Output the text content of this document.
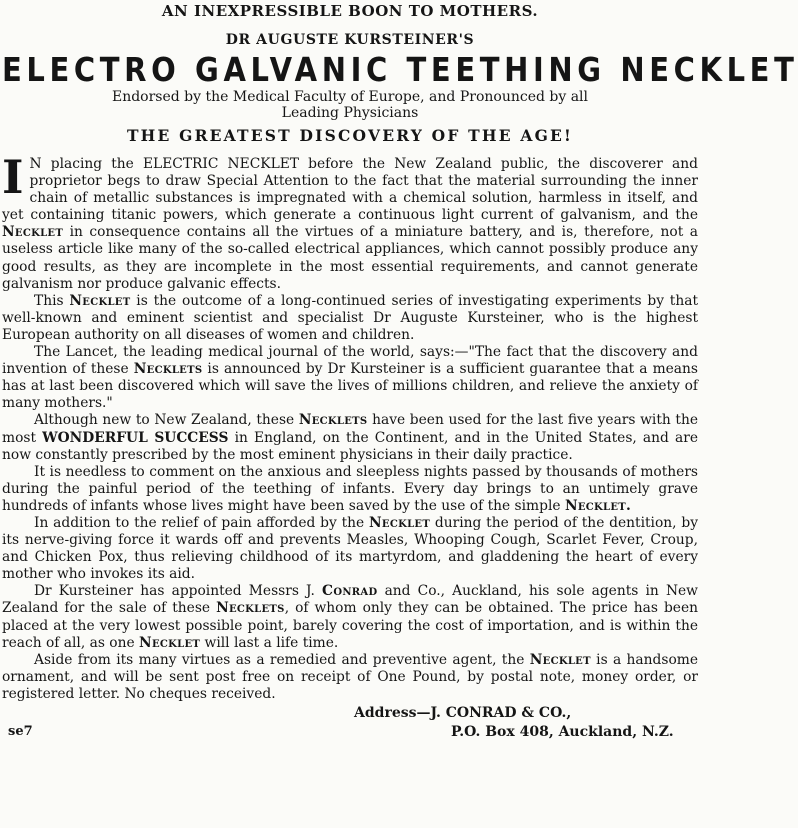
AN INEXPRESSIBLE BOON TO MOTHERS.
DR AUGUSTE KURSTEINER'S
ELECTRO GALVANIC TEETHING NECKLET
Endorsed by the Medical Faculty of Europe, and Pronounced by all
Leading Physicians
THE GREATEST DISCOVERY OF THE AGE!

I N placing the ELECTRIC NECKLET before the New Zealand public, the discoverer and proprietor begs to draw Special Attention to the fact that the material surrounding the inner chain of metallic substances is impregnated with a chemical solution, harmless in itself, and yet containing titanic powers, which generate a continuous light current of galvanism, and the Necklet in consequence contains all the virtues of a miniature battery, and is, therefore, not a useless article like many of the so-called electrical appliances, which cannot possibly produce any good results, as they are incomplete in the most essential requirements, and cannot generate galvanism nor produce galvanic effects.

This Necklet is the outcome of a long-continued series of investigating experiments by that well-known and eminent scientist and specialist Dr Auguste Kursteiner, who is the highest European authority on all diseases of women and children.

The Lancet, the leading medical journal of the world, says:—"The fact that the discovery and invention of these Necklets is announced by Dr Kursteiner is a sufficient guarantee that a means has at last been discovered which will save the lives of millions children, and relieve the anxiety of many mothers."

Although new to New Zealand, these Necklets have been used for the last five years with the most WONDERFUL SUCCESS in England, on the Continent, and in the United States, and are now constantly prescribed by the most eminent physicians in their daily practice.

It is needless to comment on the anxious and sleepless nights passed by thousands of mothers during the painful period of the teething of infants. Every day brings to an untimely grave hundreds of infants whose lives might have been saved by the use of the simple Necklet.

In addition to the relief of pain afforded by the Necklet during the period of the dentition, by its nerve-giving force it wards off and prevents Measles, Whooping Cough, Scarlet Fever, Croup, and Chicken Pox, thus relieving childhood of its martyrdom, and gladdening the heart of every mother who invokes its aid.

Dr Kursteiner has appointed Messrs J. Conrad and Co., Auckland, his sole agents in New Zealand for the sale of these Necklets, of whom only they can be obtained. The price has been placed at the very lowest possible point, barely covering the cost of importation, and is within the reach of all, as one Necklet will last a life time.

Aside from its many virtues as a remedied and preventive agent, the Necklet is a handsome ornament, and will be sent post free on receipt of One Pound, by postal note, money order, or registered letter. No cheques received.

Address—J. CONRAD & CO.,
P.O. Box 408, Auckland, N.Z.
se7
